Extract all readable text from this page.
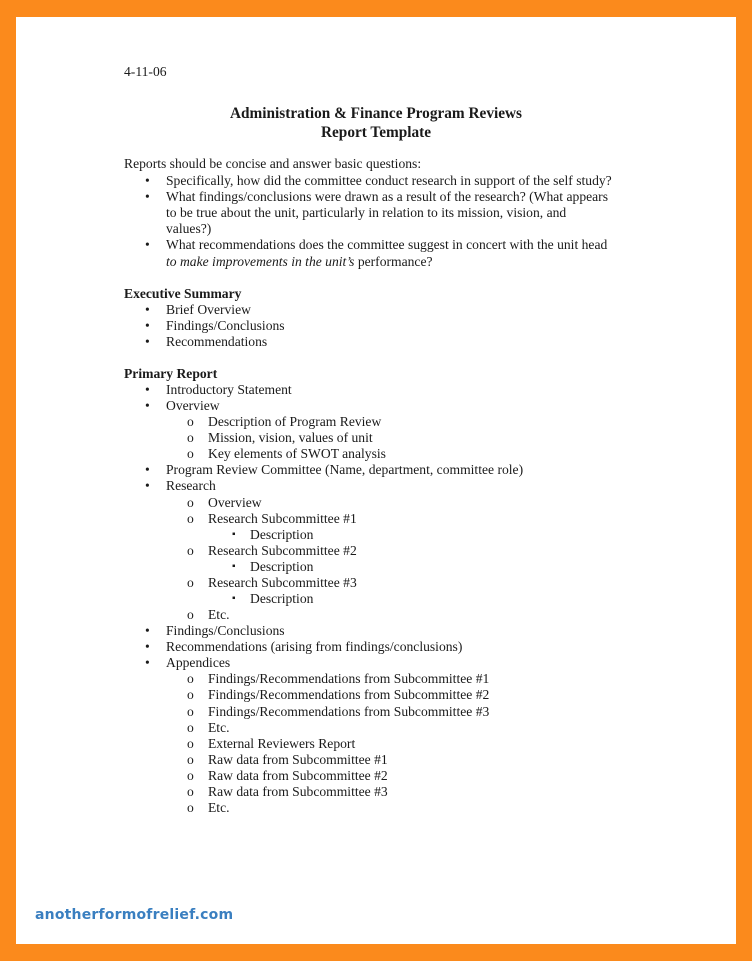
4-11-06
Administration & Finance Program Reviews
Report Template
Reports should be concise and answer basic questions:
• Specifically, how did the committee conduct research in support of the self study?
• What findings/conclusions were drawn as a result of the research? (What appears
to be true about the unit, particularly in relation to its mission, vision, and
values?)
• What recommendations does the committee suggest in concert with the unit head
to make improvements in the unit’s performance?
Executive Summary
• Brief Overview
• Findings/Conclusions
• Recommendations
Primary Report
• Introductory Statement
• Overview
o Description of Program Review
o Mission, vision, values of unit
o Key elements of SWOT analysis
• Program Review Committee (Name, department, committee role)
• Research
o Overview
o Research Subcommittee #1
▪ Description
o Research Subcommittee #2
▪ Description
o Research Subcommittee #3
▪ Description
o Etc.
• Findings/Conclusions
• Recommendations (arising from findings/conclusions)
• Appendices
o Findings/Recommendations from Subcommittee #1
o Findings/Recommendations from Subcommittee #2
o Findings/Recommendations from Subcommittee #3
o Etc.
o External Reviewers Report
o Raw data from Subcommittee #1
o Raw data from Subcommittee #2
o Raw data from Subcommittee #3
o Etc.
anotherformofrelief.com
